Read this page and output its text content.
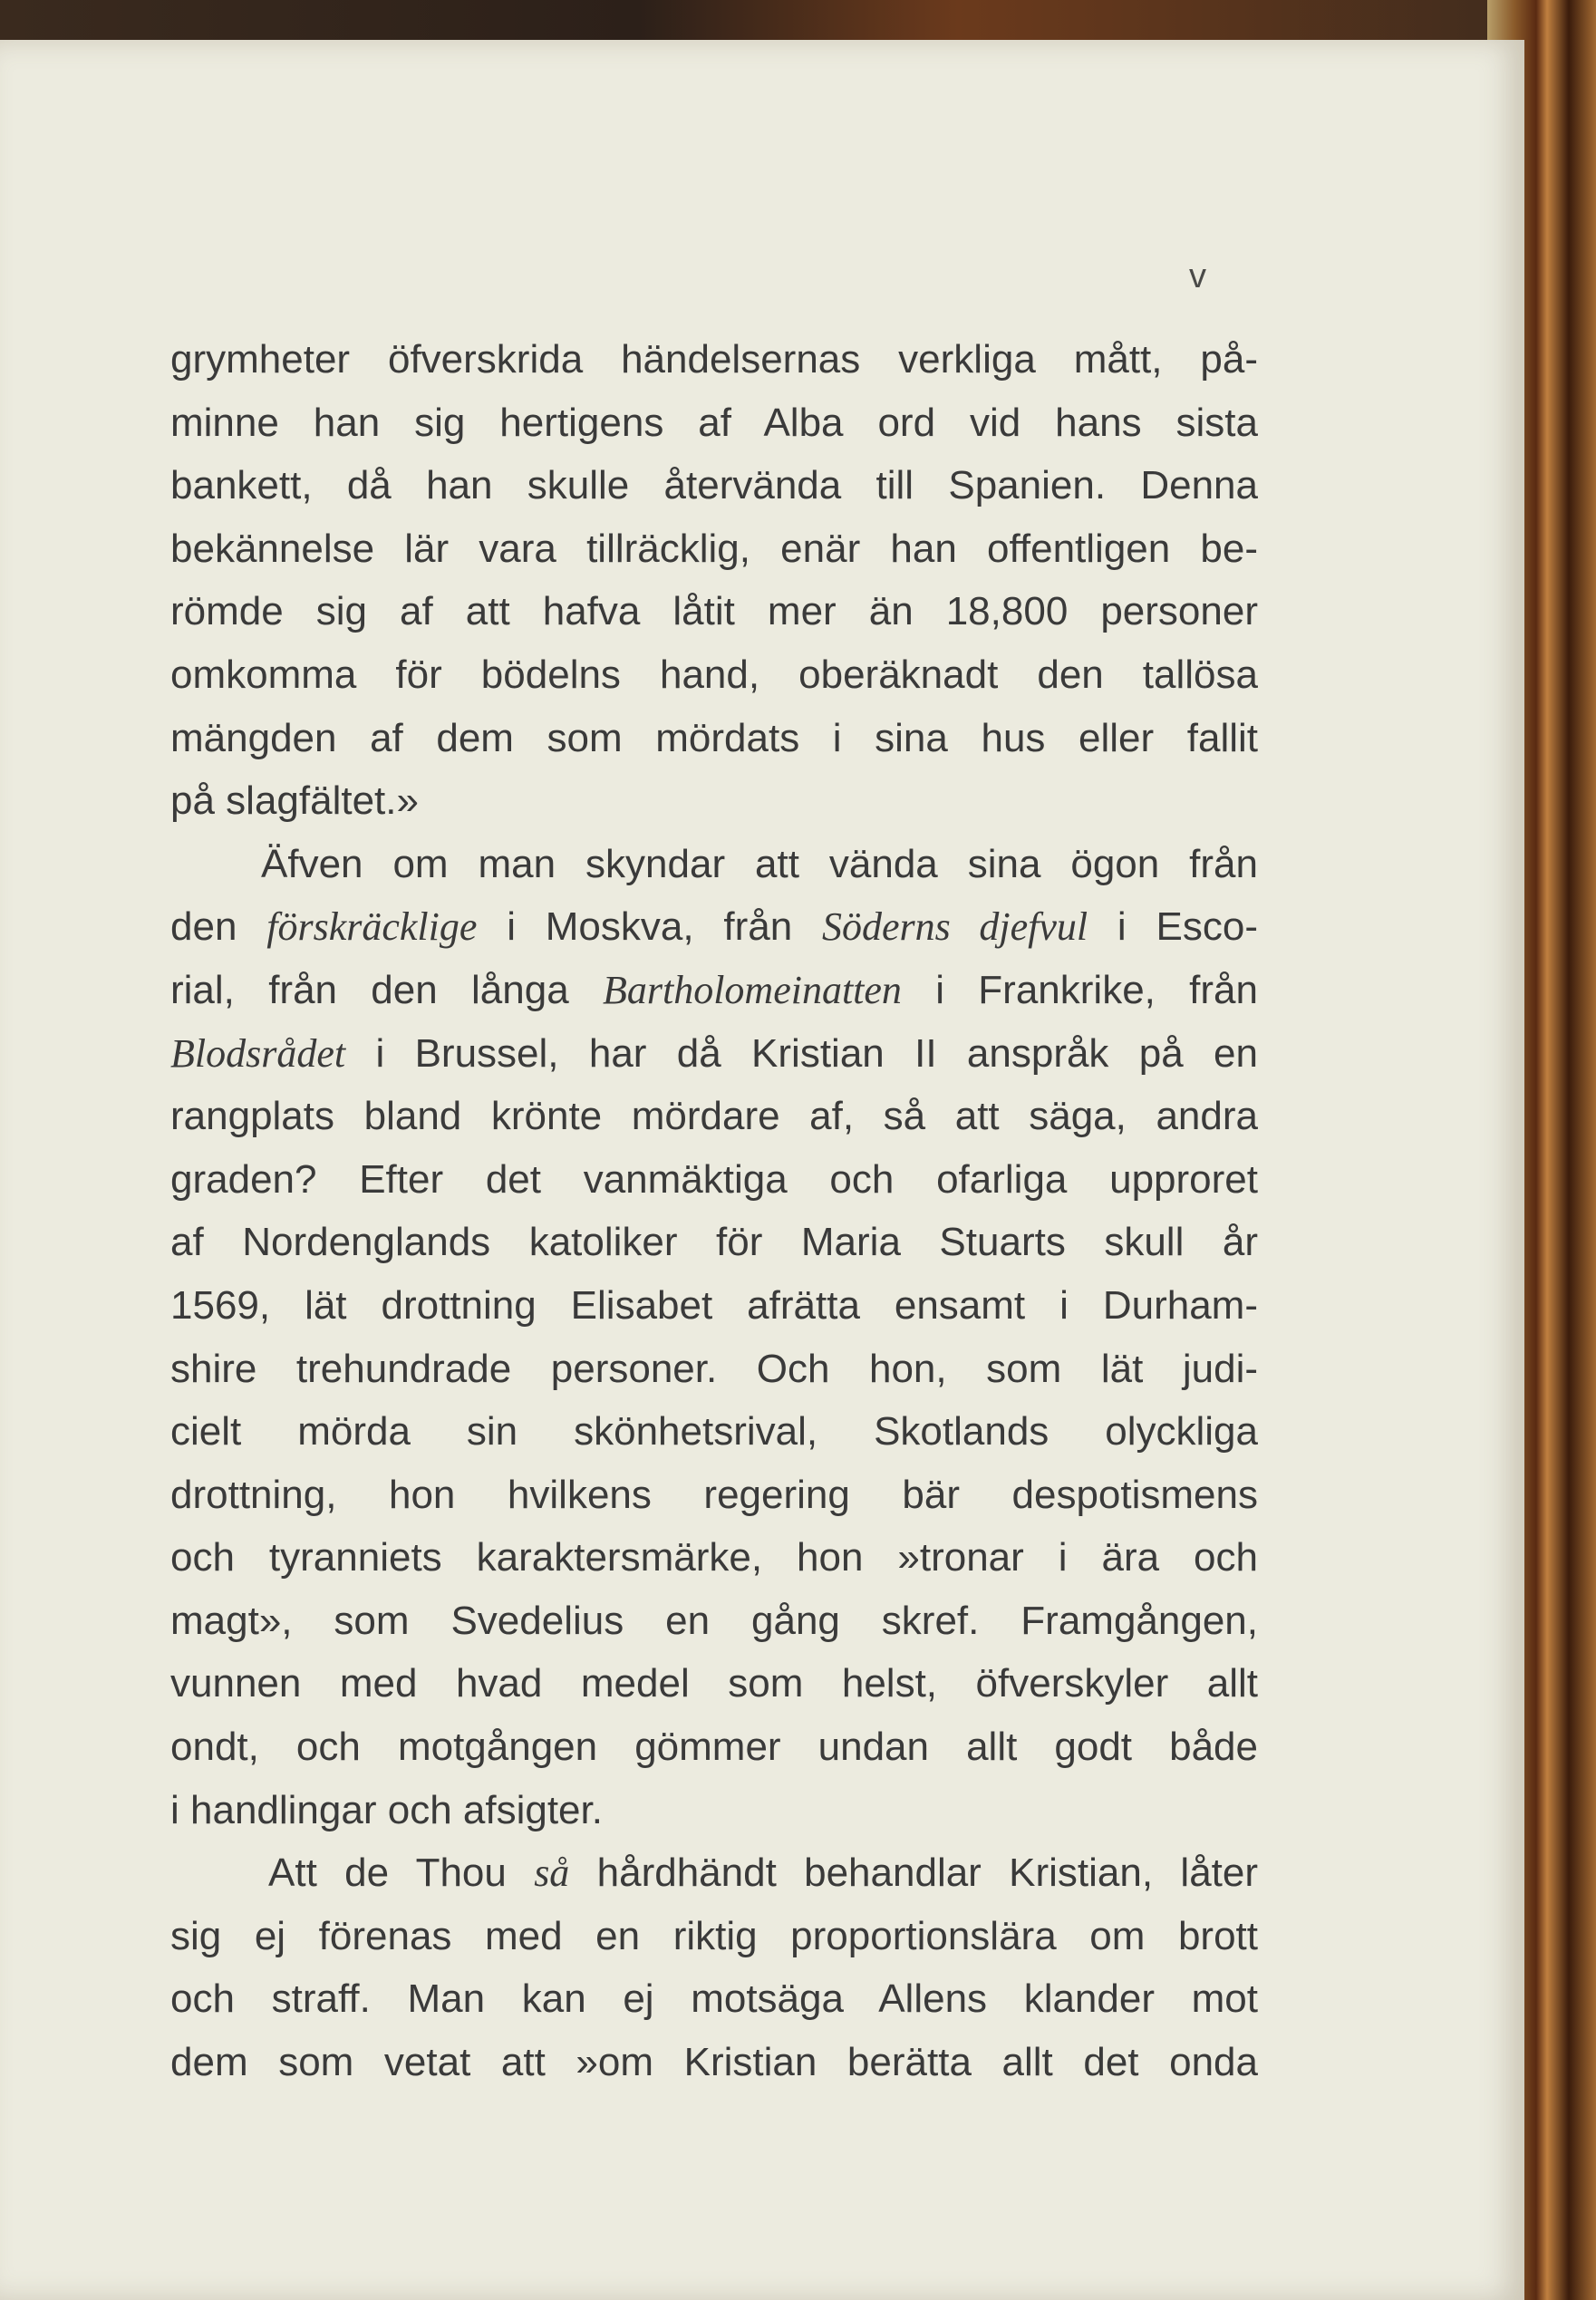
v
grymheter öfverskrida händelsernas verkliga mått, på-
minne han sig hertigens af Alba ord vid hans sista
bankett, då han skulle återvända till Spanien. Denna
bekännelse lär vara tillräcklig, enär han offentligen be-
römde sig af att hafva låtit mer än 18,800 personer
omkomma för bödelns hand, oberäknadt den tallösa
mängden af dem som mördats i sina hus eller fallit
på slagfältet.»
Äfven om man skyndar att vända sina ögon från
den förskräcklige i Moskva, från Söderns djefvul i Esco-
rial, från den långa Bartholomeinatten i Frankrike, från
Blodsrådet i Brussel, har då Kristian II anspråk på en
rangplats bland krönte mördare af, så att säga, andra
graden? Efter det vanmäktiga och ofarliga upproret
af Nordenglands katoliker för Maria Stuarts skull år
1569, lät drottning Elisabet afrätta ensamt i Durham-
shire trehundrade personer. Och hon, som lät judi-
cielt mörda sin skönhetsrival, Skotlands olyckliga
drottning, hon hvilkens regering bär despotismens
och tyranniets karaktersmärke, hon »tronar i ära och
magt», som Svedelius en gång skref. Framgången,
vunnen med hvad medel som helst, öfverskyler allt
ondt, och motgången gömmer undan allt godt både
i handlingar och afsigter.
Att de Thou så hårdhändt behandlar Kristian, låter
sig ej förenas med en riktig proportionslära om brott
och straff. Man kan ej motsäga Allens klander mot
dem som vetat att »om Kristian berätta allt det onda
